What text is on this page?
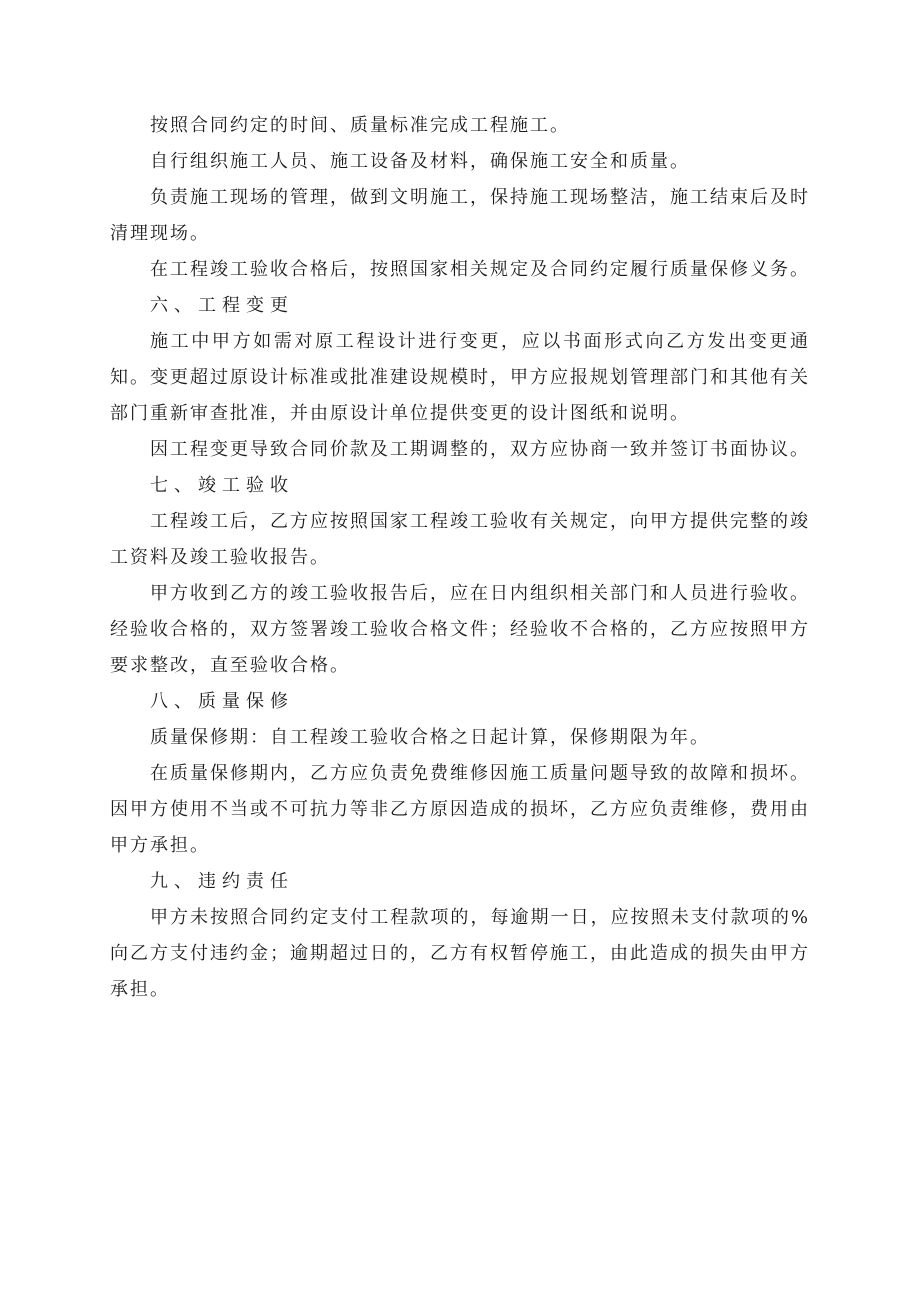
按照合同约定的时间、质量标准完成工程施工。

自行组织施工人员、施工设备及材料，确保施工安全和质量。

负责施工现场的管理，做到文明施工，保持施工现场整洁，施工结束后及时清理现场。

在工程竣工验收合格后，按照国家相关规定及合同约定履行质量保修义务。

六、工程变更

施工中甲方如需对原工程设计进行变更，应以书面形式向乙方发出变更通知。变更超过原设计标准或批准建设规模时，甲方应报规划管理部门和其他有关部门重新审查批准，并由原设计单位提供变更的设计图纸和说明。

因工程变更导致合同价款及工期调整的，双方应协商一致并签订书面协议。

七、竣工验收

工程竣工后，乙方应按照国家工程竣工验收有关规定，向甲方提供完整的竣工资料及竣工验收报告。

甲方收到乙方的竣工验收报告后，应在日内组织相关部门和人员进行验收。经验收合格的，双方签署竣工验收合格文件；经验收不合格的，乙方应按照甲方要求整改，直至验收合格。

八、质量保修

质量保修期：自工程竣工验收合格之日起计算，保修期限为年。

在质量保修期内，乙方应负责免费维修因施工质量问题导致的故障和损坏。因甲方使用不当或不可抗力等非乙方原因造成的损坏，乙方应负责维修，费用由甲方承担。

九、违约责任

甲方未按照合同约定支付工程款项的，每逾期一日，应按照未支付款项的%向乙方支付违约金；逾期超过日的，乙方有权暂停施工，由此造成的损失由甲方承担。
